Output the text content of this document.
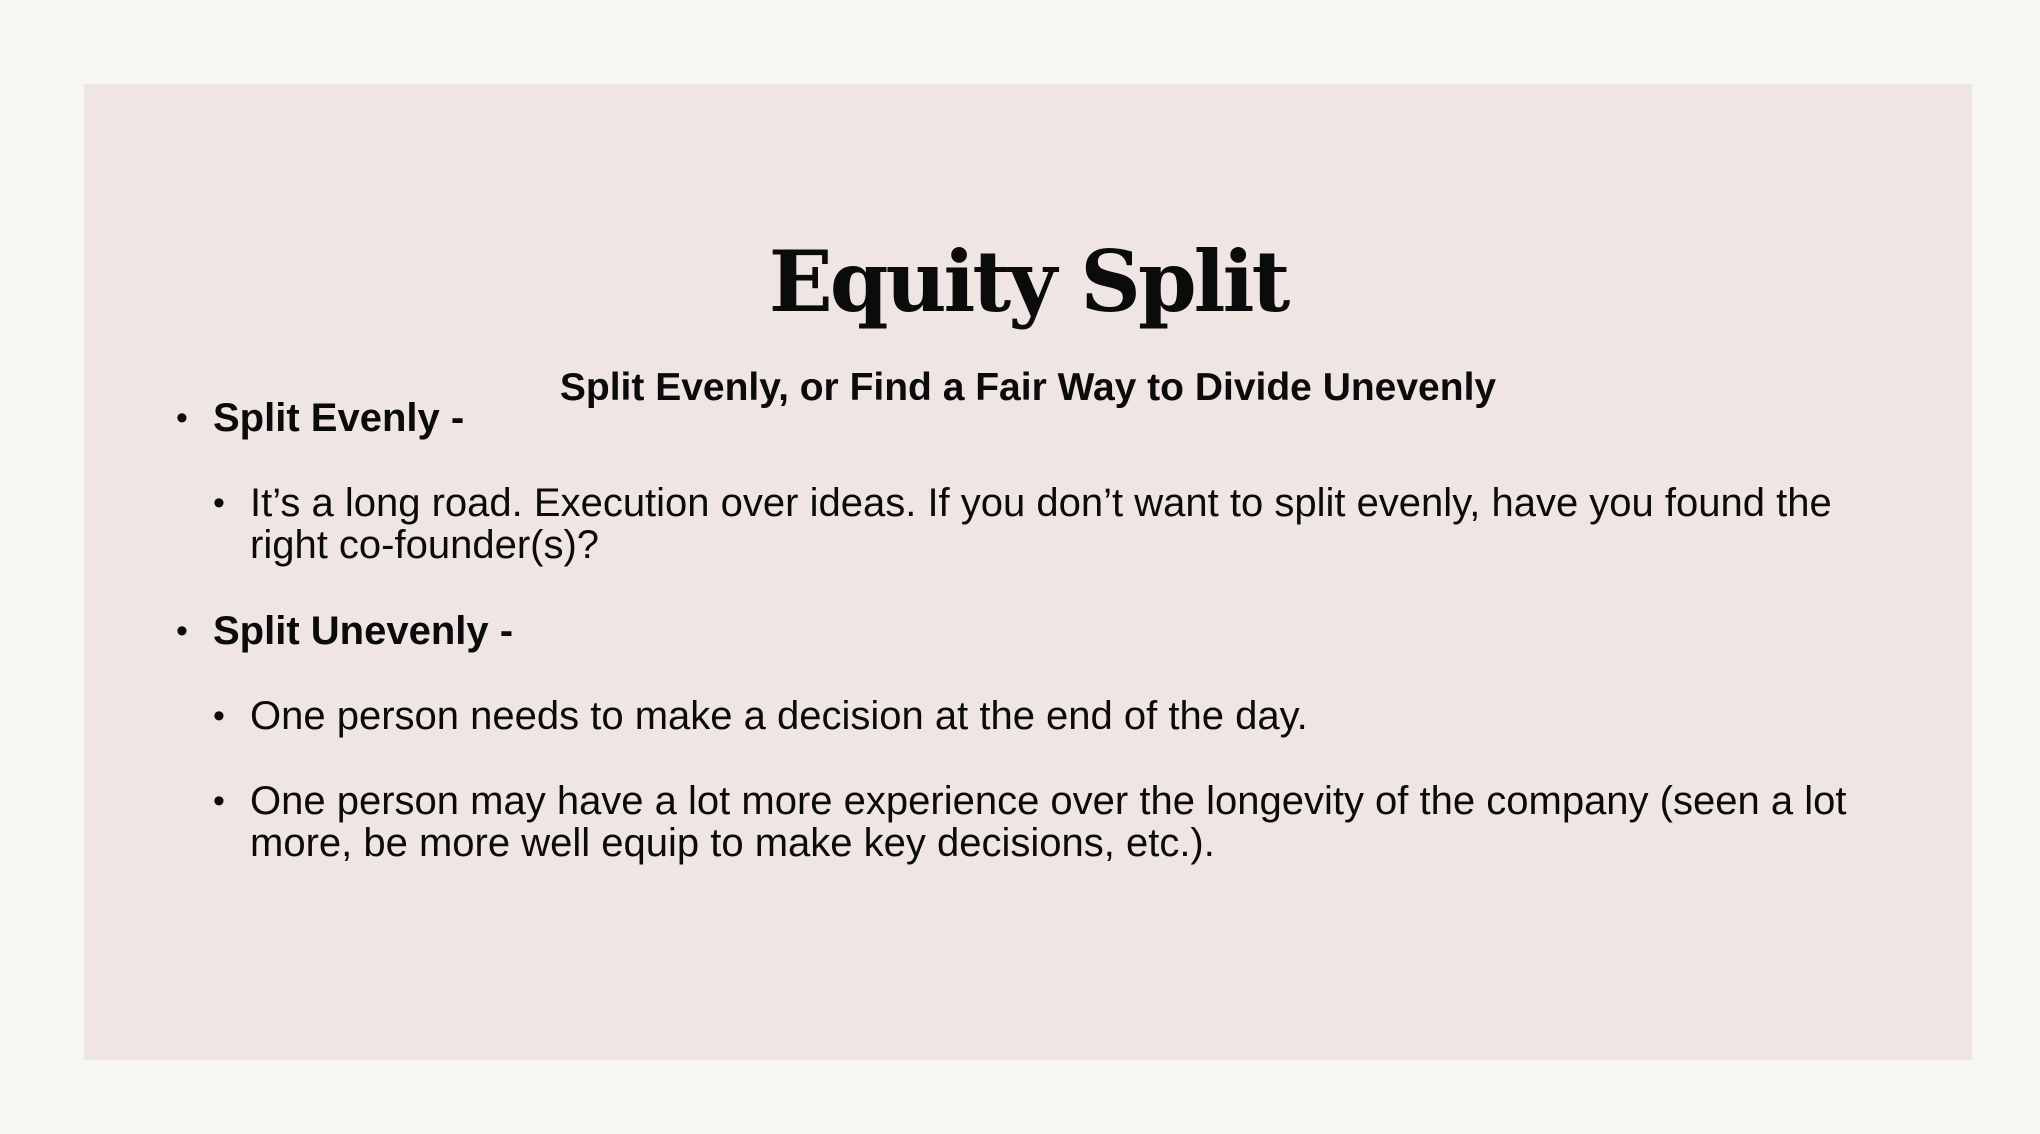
Equity Split
Split Evenly, or Find a Fair Way to Divide Unevenly
• Split Evenly -
• It’s a long road. Execution over ideas. If you don’t want to split evenly, have you found the right co-founder(s)?
• Split Unevenly -
• One person needs to make a decision at the end of the day.
• One person may have a lot more experience over the longevity of the company (seen a lot more, be more well equip to make key decisions, etc.).
